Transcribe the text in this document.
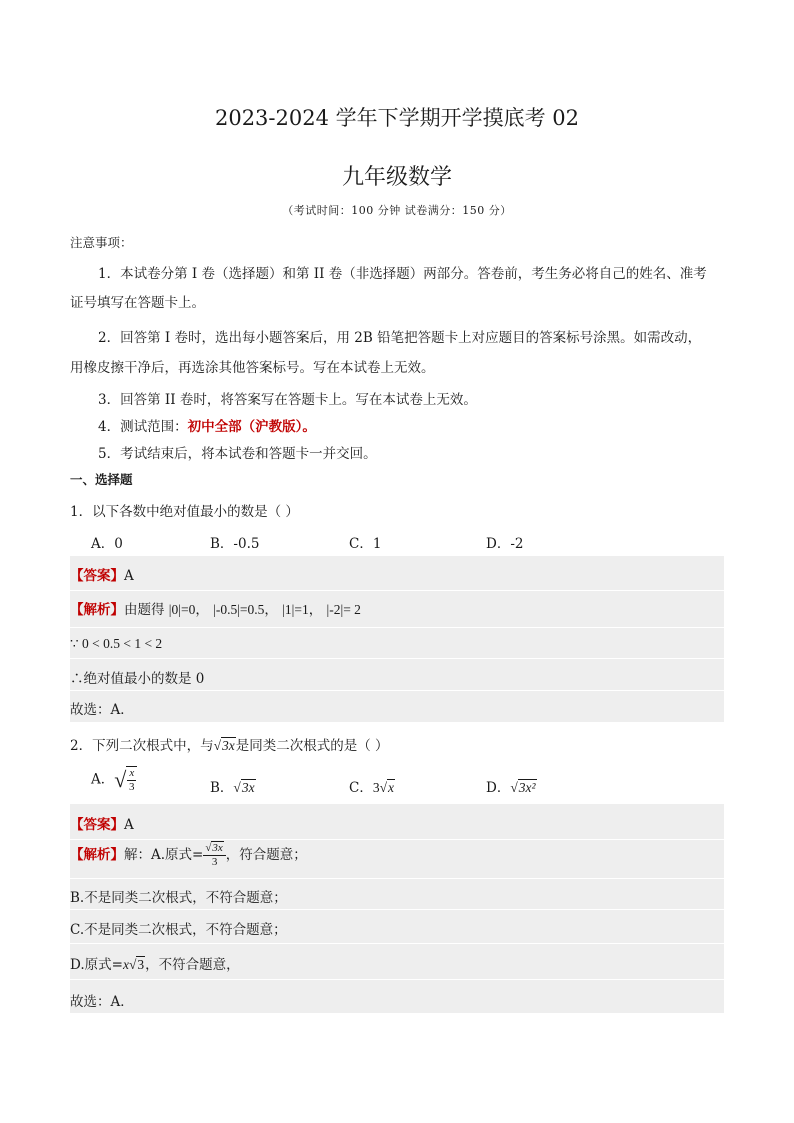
2023-2024 学年下学期开学摸底考 02
九年级数学
（考试时间：100 分钟 试卷满分：150 分）
注意事项：
1．本试卷分第 I 卷（选择题）和第 II 卷（非选择题）两部分。答卷前，考生务必将自己的姓名、准考
证号填写在答题卡上。
2．回答第 I 卷时，选出每小题答案后，用 2B 铅笔把答题卡上对应题目的答案标号涂黑。如需改动，
用橡皮擦干净后，再选涂其他答案标号。写在本试卷上无效。
3．回答第 II 卷时，将答案写在答题卡上。写在本试卷上无效。
4．测试范围：初中全部（沪教版）。
5．考试结束后，将本试卷和答题卡一并交回。
一、选择题
1．以下各数中绝对值最小的数是（ ）
A．0	B．-0.5	C．1	D．-2
【答案】A
【解析】由题得 |0|=0， |-0.5|=0.5， |1|=1， |-2|= 2
∵ 0 < 0.5 < 1 < 2
∴绝对值最小的数是 0
故选：A．
2．下列二次根式中，与√3x是同类二次根式的是（ ）
A．√ $\frac{x}{3}$	B．√3x	C．3√x	D．√3x²
【答案】A
【解析】解：A.原式= $\frac{√3x}{3}$ ，符合题意；
B.不是同类二次根式，不符合题意；
C.不是同类二次根式，不符合题意；
D.原式=x√3，不符合题意，
故选：A．
